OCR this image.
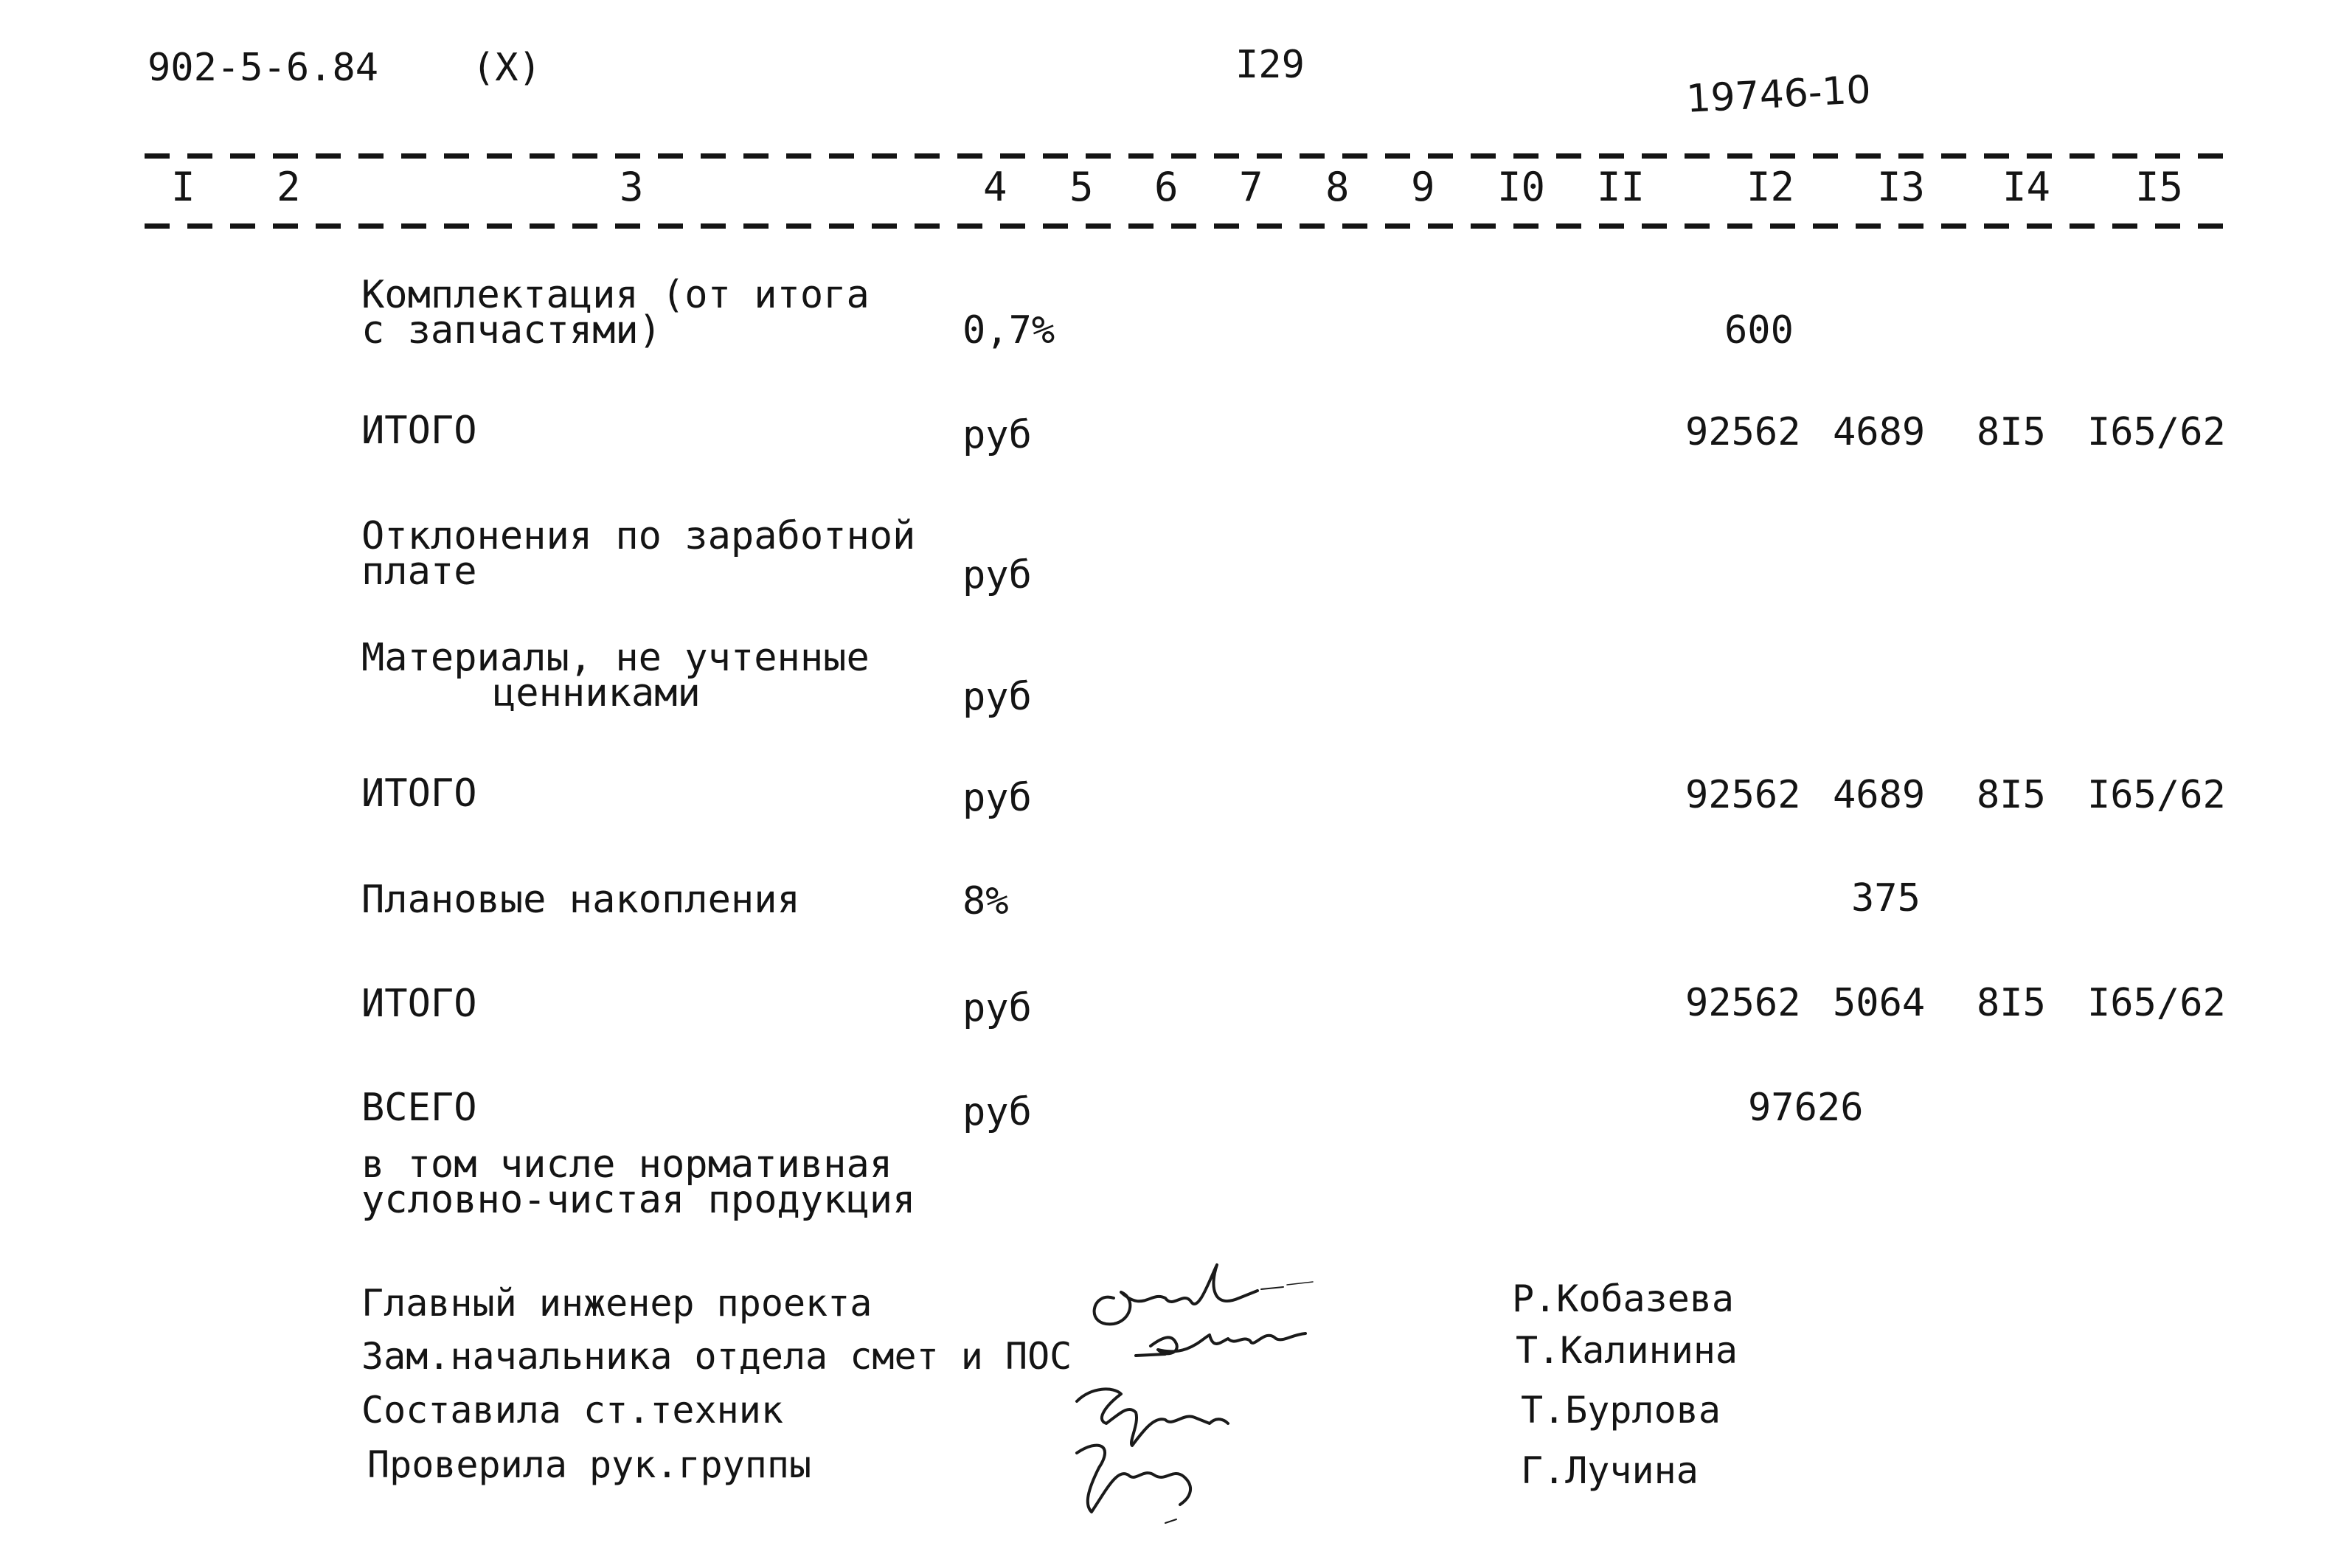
902-5-6.84 (X)	I29
19746-10
I 2	3	4 5 6 7 8 9 I0 II	I2 I3 I4 I5
Комплектация (от итога
с запчастями)	0,7%	600
ИТОГО	руб	92562 4689 8I5 I65/62
Отклонения по заработной
плате	руб
Материалы, не учтенные
ценниками	руб
ИТОГО	руб	92562 4689 8I5 I65/62
Плановые накопления	8%	375
ИТОГО	руб	92562 5064 8I5 I65/62
ВСЕГО	руб	97626
в том числе нормативная
условно-чистая продукция
Главный инженер проекта
Зам.начальника отдела смет и ПОС
Составила ст.техник
Проверила рук.группы
Р.Кобазева
Т.Калинина
Т.Бурлова
Г.Лучина
